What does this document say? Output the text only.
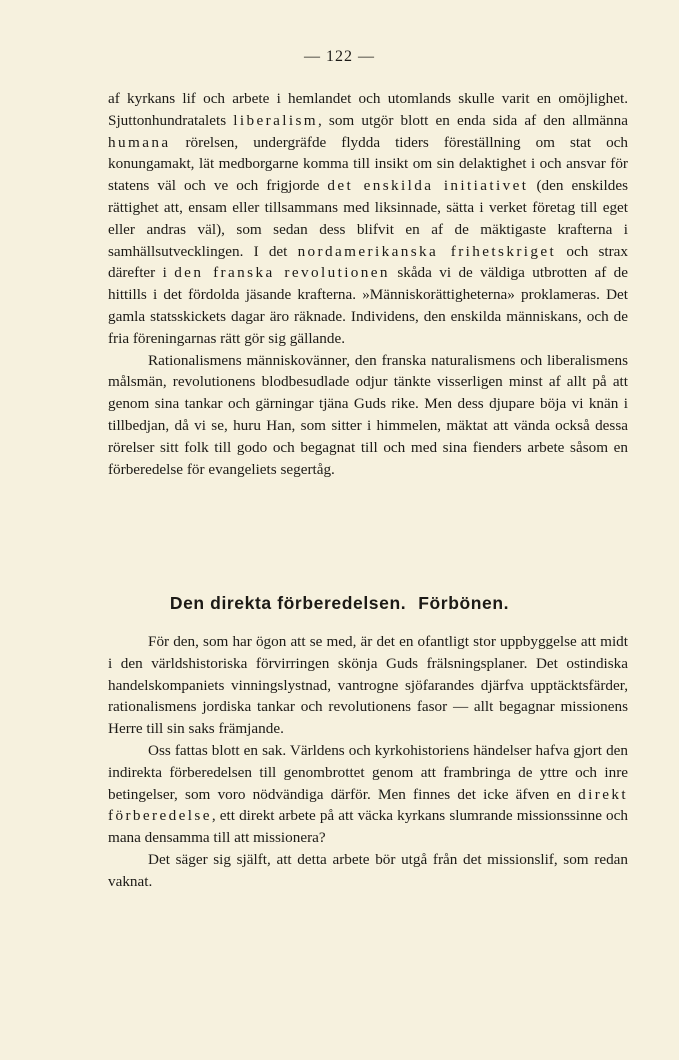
— 122 —

af kyrkans lif och arbete i hemlandet och utomlands skulle varit en omöjlighet. Sjuttonhundratalets liberalism, som utgör blott en enda sida af den allmänna humana rörelsen, undergräfde flydda tiders föreställning om stat och konungamakt, lät medborgarne komma till insikt om sin delaktighet i och ansvar för statens väl och ve och frigjorde det enskilda initiativet (den enskildes rättighet att, ensam eller tillsammans med liksinnade, sätta i verket företag till eget eller andras väl), som sedan dess blifvit en af de mäktigaste krafterna i samhällsutvecklingen. I det nordamerikanska frihetskriget och strax därefter i den franska revolutionen skåda vi de väldiga utbrotten af de hittills i det fördolda jäsande krafterna. »Människorättigheterna» proklameras. Det gamla statsskickets dagar äro räknade. Individens, den enskilda människans, och de fria föreningarnas rätt gör sig gällande.

Rationalismens människovänner, den franska naturalismens och liberalismens målsmän, revolutionens blodbesudlade odjur tänkte visserligen minst af allt på att genom sina tankar och gärningar tjäna Guds rike. Men dess djupare böja vi knän i tillbedjan, då vi se, huru Han, som sitter i himmelen, mäktat att vända också dessa rörelser sitt folk till godo och begagnat till och med sina fienders arbete såsom en förberedelse för evangeliets segertåg.

Den direkta förberedelsen. Förbönen.

För den, som har ögon att se med, är det en ofantligt stor uppbyggelse att midt i den världshistoriska förvirringen skönja Guds frälsningsplaner. Det ostindiska handelskompaniets vinningslystnad, vantrogne sjöfarandes djärfva upptäcktsfärder, rationalismens jordiska tankar och revolutionens fasor — allt begagnar missionens Herre till sin saks främjande.

Oss fattas blott en sak. Världens och kyrkohistoriens händelser hafva gjort den indirekta förberedelsen till genombrottet genom att frambringa de yttre och inre betingelser, som voro nödvändiga därför. Men finnes det icke äfven en direkt förberedelse, ett direkt arbete på att väcka kyrkans slumrande missionssinne och mana densamma till att missionera?

Det säger sig själft, att detta arbete bör utgå från det missionslif, som redan vaknat.
